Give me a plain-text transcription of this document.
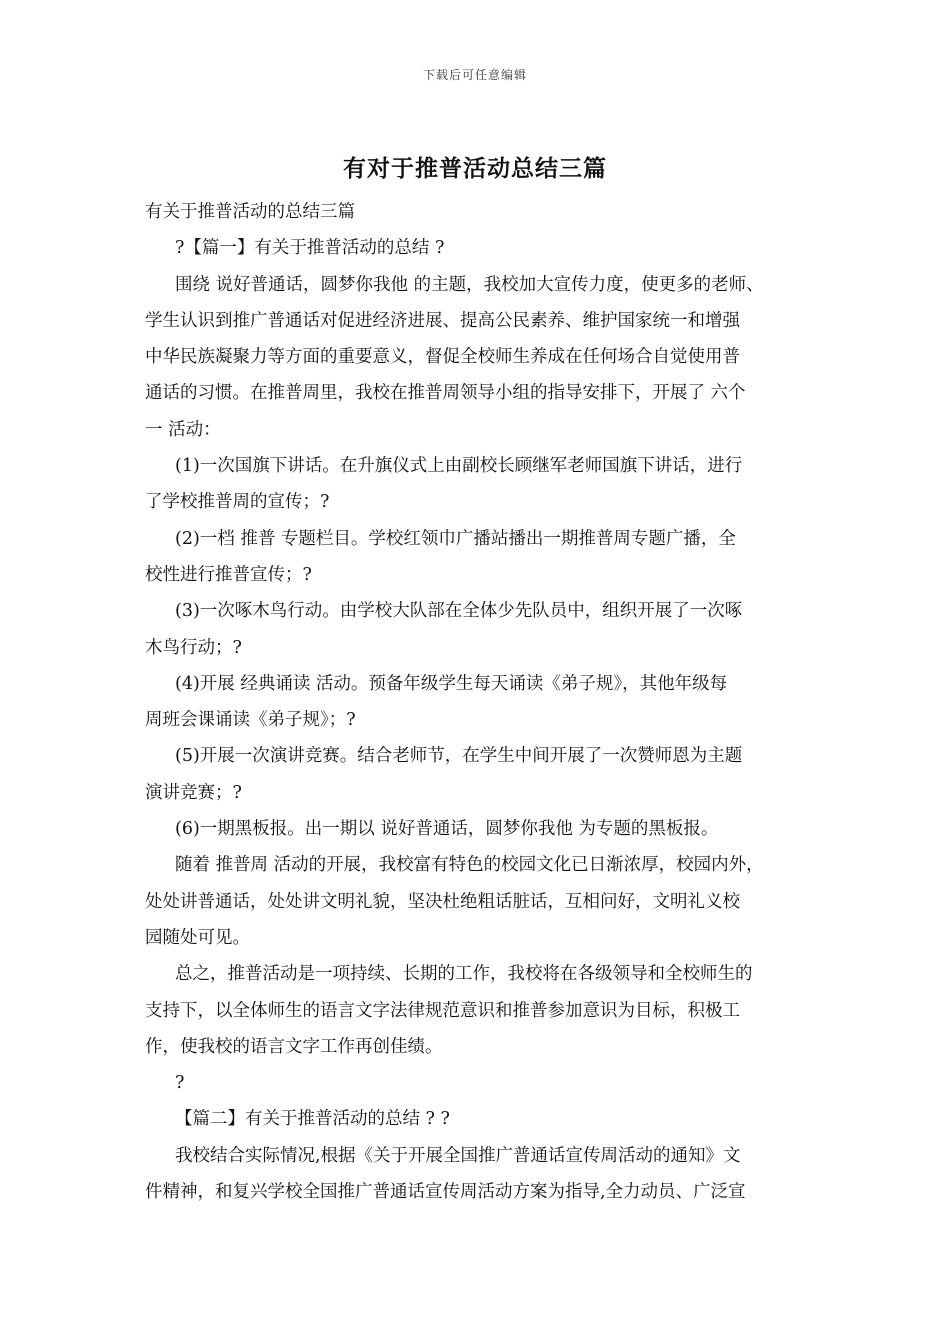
下载后可任意编辑
有对于推普活动总结三篇
有关于推普活动的总结三篇
?【篇一】有关于推普活动的总结 ?
围绕 说好普通话，圆梦你我他 的主题，我校加大宣传力度，使更多的老师、
学生认识到推广普通话对促进经济进展、提高公民素养、维护国家统一和增强
中华民族凝聚力等方面的重要意义，督促全校师生养成在任何场合自觉使用普
通话的习惯。在推普周里，我校在推普周领导小组的指导安排下，开展了 六个
一 活动：
(1)一次国旗下讲话。在升旗仪式上由副校长顾继军老师国旗下讲话，进行
了学校推普周的宣传；?
(2)一档 推普 专题栏目。学校红领巾广播站播出一期推普周专题广播，全
校性进行推普宣传；?
(3)一次啄木鸟行动。由学校大队部在全体少先队员中，组织开展了一次啄
木鸟行动；?
(4)开展 经典诵读 活动。预备年级学生每天诵读《弟子规》，其他年级每
周班会课诵读《弟子规》；?
(5)开展一次演讲竞赛。结合老师节，在学生中间开展了一次赞师恩为主题
演讲竞赛；?
(6)一期黑板报。出一期以 说好普通话，圆梦你我他 为专题的黑板报。
随着 推普周 活动的开展，我校富有特色的校园文化已日渐浓厚，校园内外，
处处讲普通话，处处讲文明礼貌，坚决杜绝粗话脏话，互相问好，文明礼义校
园随处可见。
总之，推普活动是一项持续、长期的工作，我校将在各级领导和全校师生的
支持下，以全体师生的语言文字法律规范意识和推普参加意识为目标，积极工
作，使我校的语言文字工作再创佳绩。
?
【篇二】有关于推普活动的总结 ? ?
我校结合实际情况,根据《关于开展全国推广普通话宣传周活动的通知》文
件精神，和复兴学校全国推广普通话宣传周活动方案为指导,全力动员、广泛宣
